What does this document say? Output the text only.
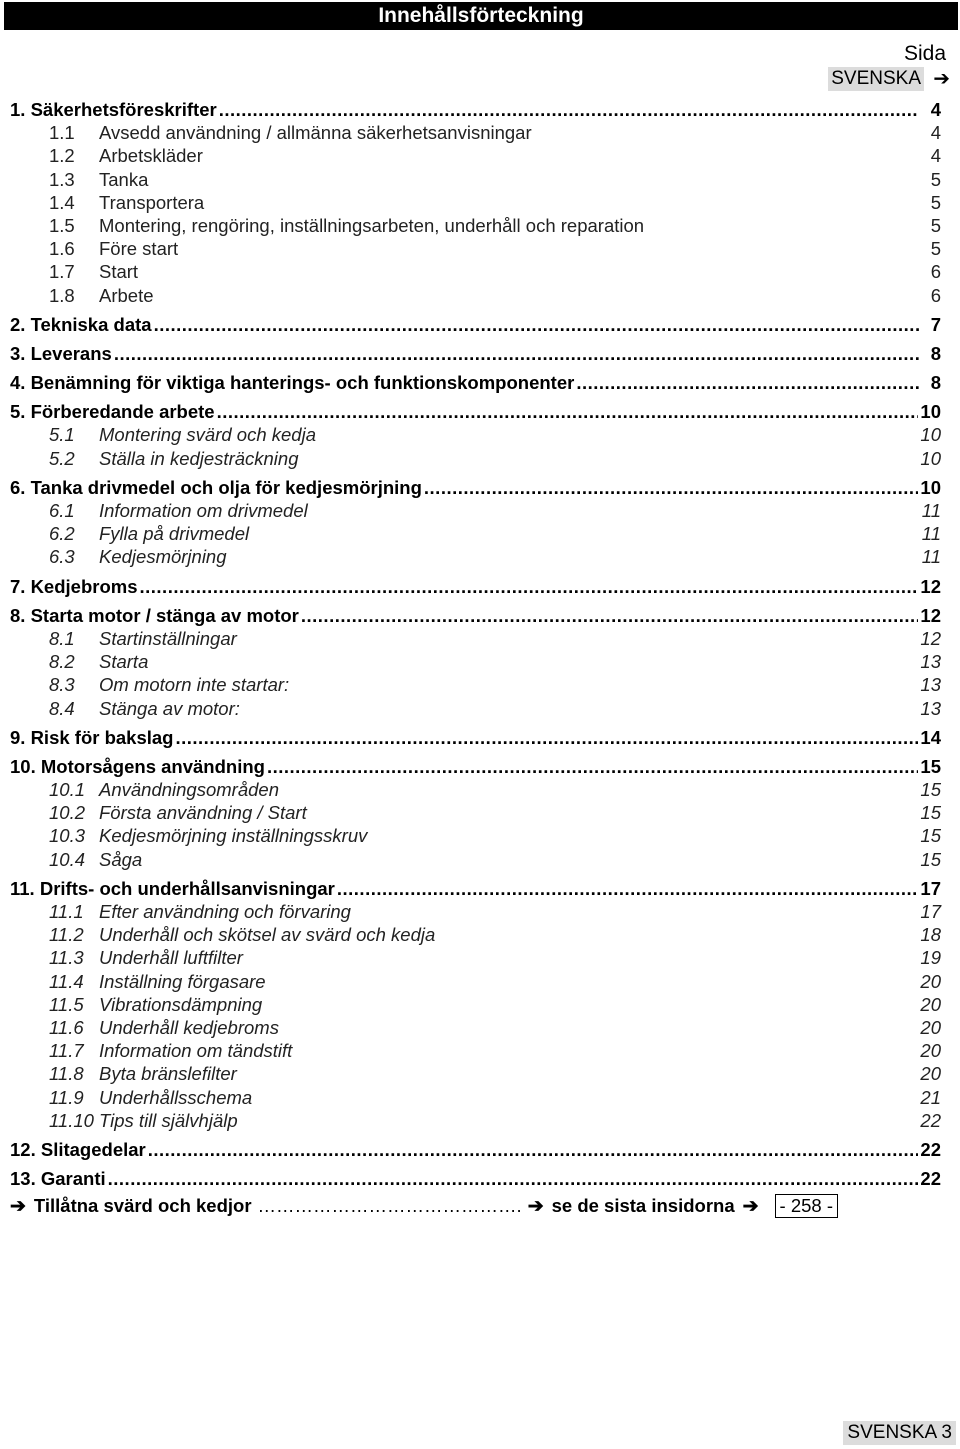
Innehållsförteckning
Sida
SVENSKA ➔
1. Säkerhetsföreskrifter .....	4
1.1	Avsedd användning / allmänna säkerhetsanvisningar	4
1.2	Arbetskläder	4
1.3	Tanka	5
1.4	Transportera	5
1.5	Montering, rengöring, inställningsarbeten, underhåll och reparation	5
1.6	Före start	5
1.7	Start	6
1.8	Arbete	6
2. Tekniska data .....	7
3. Leverans .....	8
4. Benämning för viktiga hanterings- och funktionskomponenter .....	8
5. Förberedande arbete .....	10
5.1	Montering svärd och kedja	10
5.2	Ställa in kedjesträckning	10
6. Tanka drivmedel och olja för kedjesmörjning .....	10
6.1	Information om drivmedel	11
6.2	Fylla på drivmedel	11
6.3	Kedjesmörjning	11
7. Kedjebroms .....	12
8. Starta motor / stänga av motor .....	12
8.1	Startinställningar	12
8.2	Starta	13
8.3	Om motorn inte startar:	13
8.4	Stänga av motor:	13
9. Risk för bakslag .....	14
10. Motorsågens användning .....	15
10.1 Användningsområden	15
10.2 Första användning / Start	15
10.3 Kedjesmörjning inställningsskruv	15
10.4 Såga	15
11. Drifts- och underhållsanvisningar .....	17
11.1 Efter användning och förvaring	17
11.2 Underhåll och skötsel av svärd och kedja	18
11.3 Underhåll luftfilter	19
11.4 Inställning förgasare	20
11.5 Vibrationsdämpning	20
11.6 Underhåll kedjebroms	20
11.7 Information om tändstift	20
11.8 Byta bränslefilter	20
11.9 Underhållsschema	21
11.10 Tips till självhjälp	22
12. Slitagedelar .....	22
13. Garanti .....	22
➔ Tillåtna svärd och kedjor ……………………………………. ➔ se de sista insidorna ➔ - 258 -
SVENSKA 3
